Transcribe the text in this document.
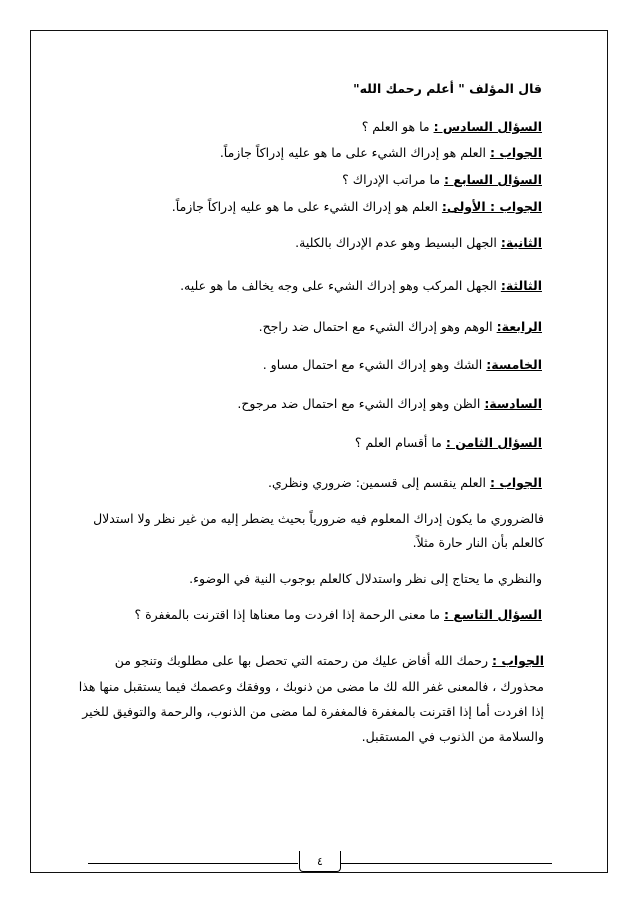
قال المؤلف " أعلم رحمك الله"
السؤال السادس : ما هو العلم ؟
الجواب : العلم هو إدراك الشيء على ما هو عليه إدراكاً جازماً.
السؤال السابع : ما مراتب الإدراك ؟
الجواب : الأولى: العلم هو إدراك الشيء على ما هو عليه إدراكاً جازماً.
الثانية: الجهل البسيط وهو عدم الإدراك بالكلية.
الثالثة: الجهل المركب وهو إدراك الشيء على وجه يخالف ما هو عليه.
الرابعة: الوهم وهو إدراك الشيء مع احتمال ضد راجح.
الخامسة: الشك وهو إدراك الشيء مع احتمال مساو .
السادسة: الظن وهو إدراك الشيء مع احتمال ضد مرجوح.
السؤال الثامن : ما أقسام العلم ؟
الجواب : العلم ينقسم إلى قسمين: ضروري ونظري.
فالضروري ما يكون إدراك المعلوم فيه ضرورياً بحيث يضطر إليه من غير نظر ولا استدلال
كالعلم بأن النار حارة مثلاً.
والنظري ما يحتاج إلى نظر واستدلال كالعلم بوجوب النية في الوضوء.
السؤال التاسع : ما معنى الرحمة إذا افردت وما معناها إذا اقترنت بالمغفرة ؟
الجواب : رحمك الله أفاض عليك من رحمته التي تحصل بها على مطلوبك وتنجو من
محذورك ، فالمعنى غفر الله لك ما مضى من ذنوبك ، ووفقك وعصمك فيما يستقبل منها هذا
إذا افردت أما إذا اقترنت بالمغفرة فالمغفرة لما مضى من الذنوب، والرحمة والتوفيق للخير
والسلامة من الذنوب في المستقبل.
٤
